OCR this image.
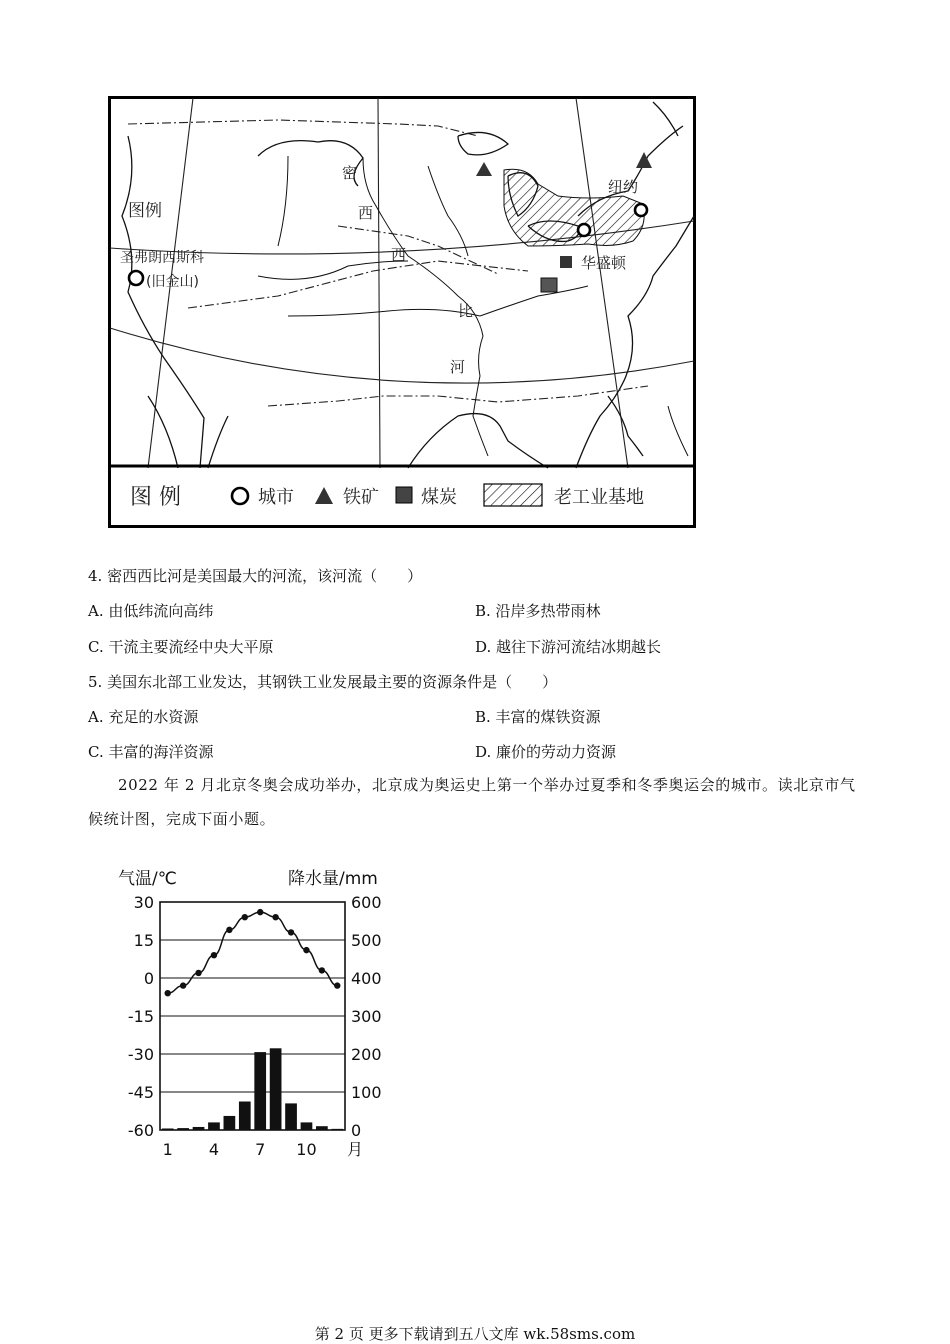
图例
密
西
西
比
河
纽约
华盛顿
圣弗朗西斯科
(旧金山)
图 例	城市	铁矿 煤炭	老工业基地
4. 密西西比河是美国最大的河流，该河流（　　）
A. 由低纬流向高纬	B. 沿岸多热带雨林
C. 干流主要流经中央大平原	D. 越往下游河流结冰期越长
5. 美国东北部工业发达，其钢铁工业发展最主要的资源条件是（　　）
A. 充足的水资源	B. 丰富的煤铁资源
C. 丰富的海洋资源	D. 廉价的劳动力资源
2022 年 2 月北京冬奥会成功举办，北京成为奥运史上第一个举办过夏季和冬季奥运会的城市。读北京市气候统计图，完成下面小题。
气温/℃	降水量/mm
30
15
0
-15
-30
-45
-60
600
500
400
300
200
100
0
1 4 7 10 月
第 2 页 更多下载请到五八文库 wk.58sms.com
